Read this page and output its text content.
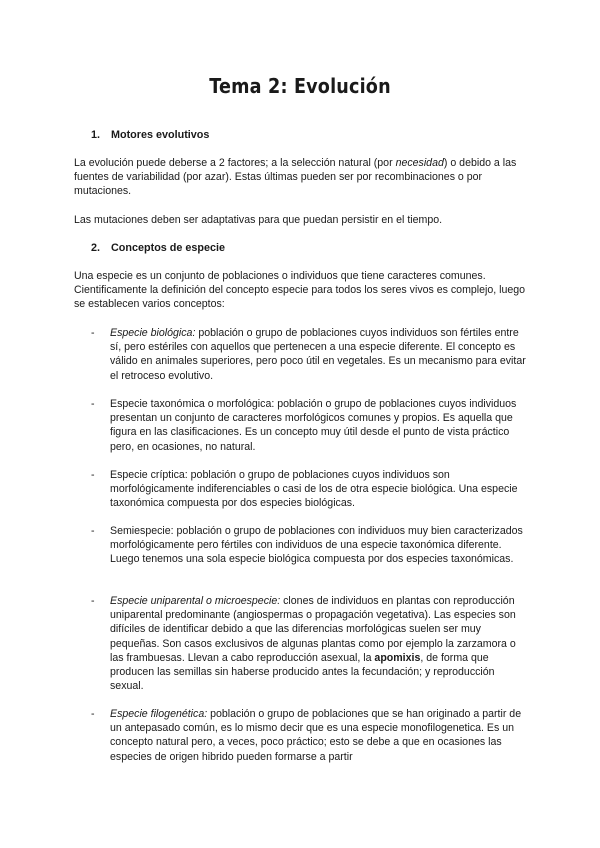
Tema 2: Evolución
1. Motores evolutivos

La evolución puede deberse a 2 factores; a la selección natural (por necesidad) o debido a las fuentes de variabilidad (por azar). Estas últimas pueden ser por recombinaciones o por mutaciones.

Las mutaciones deben ser adaptativas para que puedan persistir en el tiempo.

2. Conceptos de especie

Una especie es un conjunto de poblaciones o individuos que tiene caracteres comunes. Cientificamente la definición del concepto especie para todos los seres vivos es complejo, luego se establecen varios conceptos:

- Especie biológica: población o grupo de poblaciones cuyos individuos son fértiles entre sí, pero estériles con aquellos que pertenecen a una especie diferente. El concepto es válido en animales superiores, pero poco útil en vegetales. Es un mecanismo para evitar el retroceso evolutivo.
- Especie taxonómica o morfológica: población o grupo de poblaciones cuyos individuos presentan un conjunto de caracteres morfológicos comunes y propios. Es aquella que figura en las clasificaciones. Es un concepto muy útil desde el punto de vista práctico pero, en ocasiones, no natural.
- Especie críptica: población o grupo de poblaciones cuyos individuos son morfológicamente indiferenciables o casi de los de otra especie biológica. Una especie taxonómica compuesta por dos especies biológicas.
- Semiespecie: población o grupo de poblaciones con individuos muy bien caracterizados morfológicamente pero fértiles con individuos de una especie taxonómica diferente. Luego tenemos una sola especie biológica compuesta por dos especies taxonómicas.
- Especie uniparental o microespecie: clones de individuos en plantas con reproducción uniparental predominante (angiospermas o propagación vegetativa). Las especies son difíciles de identificar debido a que las diferencias morfológicas suelen ser muy pequeñas. Son casos exclusivos de algunas plantas como por ejemplo la zarzamora o las frambuesas. Llevan a cabo reproducción asexual, la apomixis, de forma que producen las semillas sin haberse producido antes la fecundación; y reproducción sexual.
- Especie filogenética: población o grupo de poblaciones que se han originado a partir de un antepasado común, es lo mismo decir que es una especie monofilogenetica. Es un concepto natural pero, a veces, poco práctico; esto se debe a que en ocasiones las especies de origen hibrido pueden formarse a partir
